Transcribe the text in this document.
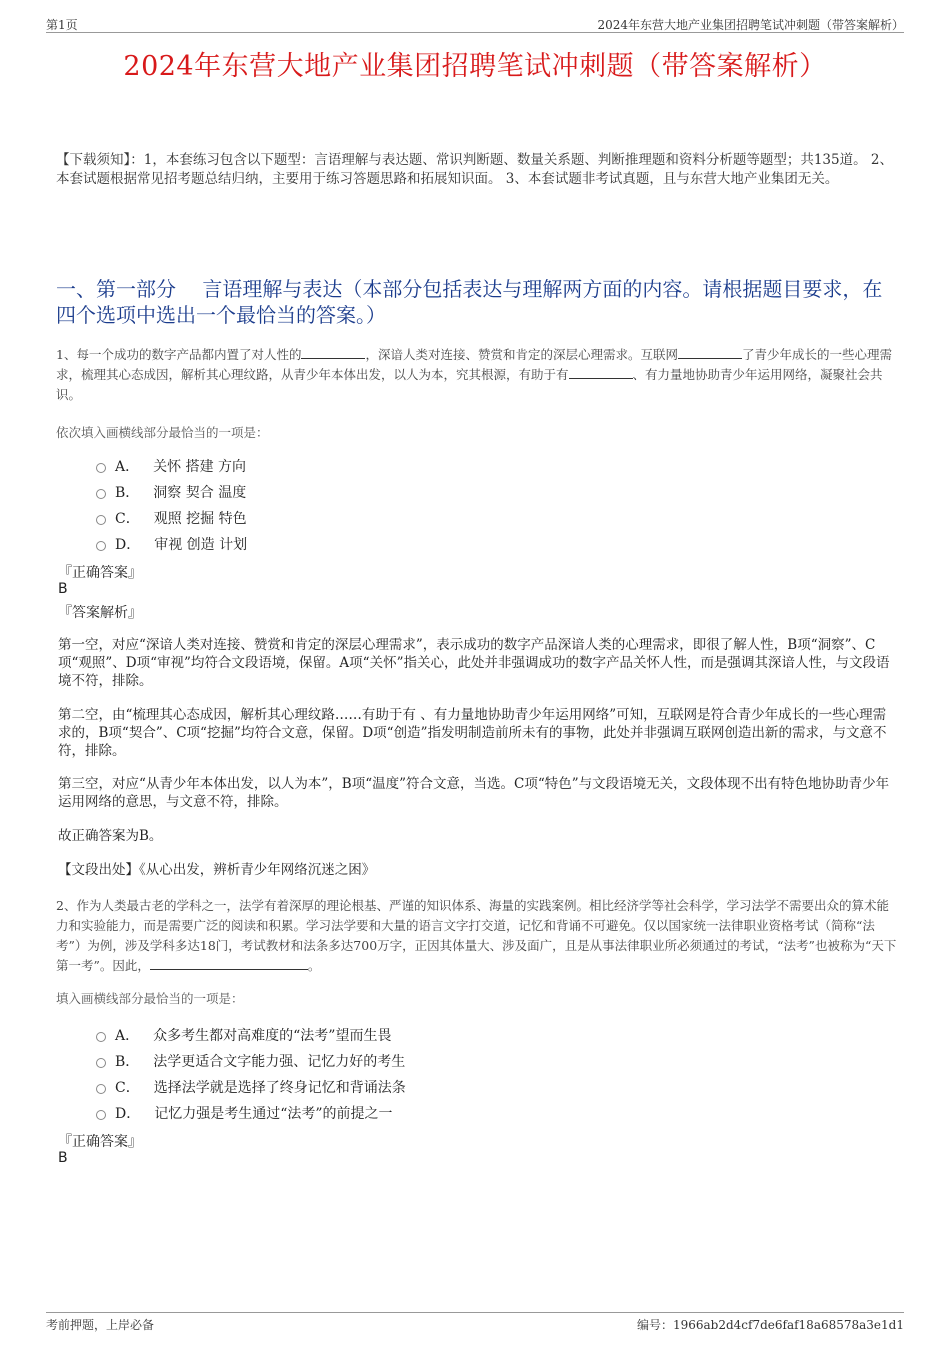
第1页	2024年东营大地产业集团招聘笔试冲刺题（带答案解析）
2024年东营大地产业集团招聘笔试冲刺题（带答案解析）
【下载须知】：1，本套练习包含以下题型：言语理解与表达题、常识判断题、数量关系题、判断推理题和资料分析题等题型；共135道。 2、本套试题根据常见招考题总结归纳，主要用于练习答题思路和拓展知识面。 3、本套试题非考试真题，且与东营大地产业集团无关。
一、第一部分　 言语理解与表达（本部分包括表达与理解两方面的内容。请根据题目要求，在四个选项中选出一个最恰当的答案。）
1、每一个成功的数字产品都内置了对人性的	，深谙人类对连接、赞赏和肯定的深层心理需求。互联网	了青少年成长的一些心理需求，梳理其心态成因，解析其心理纹路，从青少年本体出发，以人为本，究其根源，有助于有	、有力量地协助青少年运用网络，凝聚社会共识。
依次填入画横线部分最恰当的一项是：
A． 关怀 搭建 方向
B． 洞察 契合 温度
C． 观照 挖掘 特色
D． 审视 创造 计划
『正确答案』
B
『答案解析』
第一空，对应“深谙人类对连接、赞赏和肯定的深层心理需求”，表示成功的数字产品深谙人类的心理需求，即很了解人性，B项“洞察”、C项“观照”、D项“审视”均符合文段语境，保留。A项“关怀”指关心，此处并非强调成功的数字产品关怀人性，而是强调其深谙人性，与文段语境不符，排除。
第二空，由“梳理其心态成因，解析其心理纹路……有助于有 、有力量地协助青少年运用网络”可知，互联网是符合青少年成长的一些心理需求的，B项“契合”、C项“挖掘”均符合文意，保留。D项“创造”指发明制造前所未有的事物，此处并非强调互联网创造出新的需求，与文意不符，排除。
第三空，对应“从青少年本体出发，以人为本”，B项“温度”符合文意，当选。C项“特色”与文段语境无关，文段体现不出有特色地协助青少年运用网络的意思，与文意不符，排除。
故正确答案为B。
【文段出处】《从心出发，辨析青少年网络沉迷之困》
2、作为人类最古老的学科之一，法学有着深厚的理论根基、严谨的知识体系、海量的实践案例。相比经济学等社会科学，学习法学不需要出众的算术能力和实验能力，而是需要广泛的阅读和积累。学习法学要和大量的语言文字打交道，记忆和背诵不可避免。仅以国家统一法律职业资格考试（简称“法考”）为例，涉及学科多达18门，考试教材和法条多达700万字，正因其体量大、涉及面广，且是从事法律职业所必须通过的考试，“法考”也被称为“天下第一考”。因此，	。
填入画横线部分最恰当的一项是：
A． 众多考生都对高难度的“法考”望而生畏
B． 法学更适合文字能力强、记忆力好的考生
C． 选择法学就是选择了终身记忆和背诵法条
D． 记忆力强是考生通过“法考”的前提之一
『正确答案』
B
考前押题，上岸必备	编号：1966ab2d4cf7de6faf18a68578a3e1d1
